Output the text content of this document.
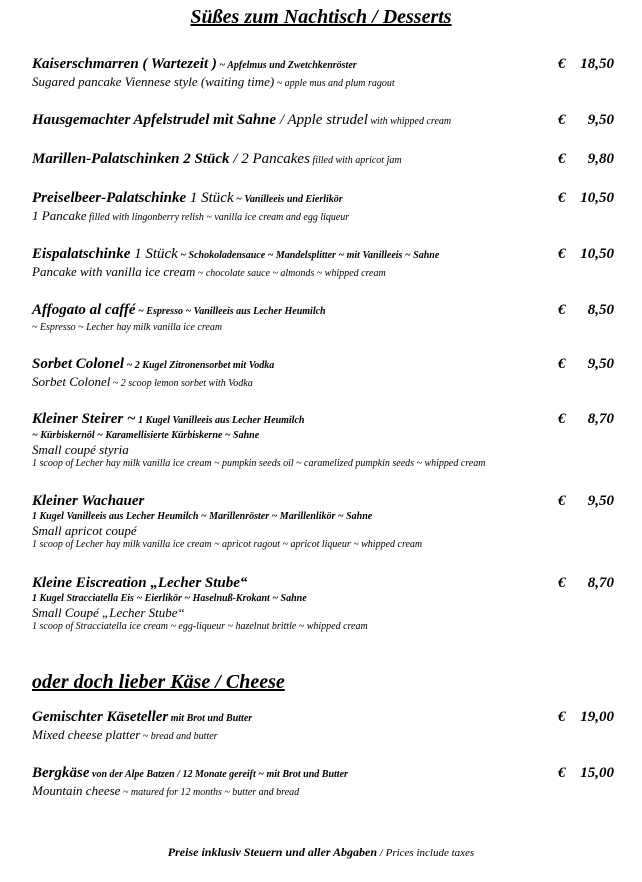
Süßes zum Nachtisch / Desserts
Kaiserschmarren ( Wartezeit ) ~ Apfelmus und Zwetchkenröster
Sugared pancake Viennese style (waiting time) ~ apple mus and plum ragout
€ 18,50
Hausgemachter Apfelstrudel mit Sahne / Apple strudel with whipped cream	€ 9,50
Marillen-Palatschinken 2 Stück / 2 Pancakes filled with apricot jam	€ 9,80
Preiselbeer-Palatschinke 1 Stück ~ Vanilleeis und Eierlikör
1 Pancake filled with lingonberry relish ~ vanilla ice cream and egg liqueur
€ 10,50
Eispalatschinke 1 Stück ~ Schokoladensauce ~ Mandelsplitter ~ mit Vanilleeis ~ Sahne
Pancake with vanilla ice cream ~ chocolate sauce ~ almonds ~ whipped cream
€ 10,50
Affogato al caffé ~ Espresso ~ Vanilleeis aus Lecher Heumilch
~ Espresso ~ Lecher hay milk vanilla ice cream
€ 8,50
Sorbet Colonel ~ 2 Kugel Zitronensorbet mit Vodka
Sorbet Colonel ~ 2 scoop lemon sorbet with Vodka
€ 9,50
Kleiner Steirer ~ 1 Kugel Vanilleeis aus Lecher Heumilch
~ Kürbiskernöl ~ Karamellisierte Kürbiskerne ~ Sahne
Small coupé styria
1 scoop of Lecher hay milk vanilla ice cream ~ pumpkin seeds oil ~ caramelized pumpkin seeds ~ whipped cream
€ 8,70
Kleiner Wachauer
1 Kugel Vanilleeis aus Lecher Heumilch ~ Marillenröster ~ Marillenlikör ~ Sahne
Small apricot coupé
1 scoop of Lecher hay milk vanilla ice cream ~ apricot ragout ~ apricot liqueur ~ whipped cream
€ 9,50
Kleine Eiscreation „Lecher Stube“
1 Kugel Stracciatella Eis ~ Eierlikör ~ Haselnuß-Krokant ~ Sahne
Small Coupé „Lecher Stube“
1 scoop of Stracciatella ice cream ~ egg-liqueur ~ hazelnut brittle ~ whipped cream
€ 8,70
oder doch lieber Käse / Cheese
Gemischter Käseteller mit Brot und Butter
Mixed cheese platter ~ bread and butter
€ 19,00
Bergkäse von der Alpe Batzen / 12 Monate gereift ~ mit Brot und Butter
Mountain cheese ~ matured for 12 months ~ butter and bread
€ 15,00
Preise inklusiv Steuern und aller Abgaben / Prices include taxes
